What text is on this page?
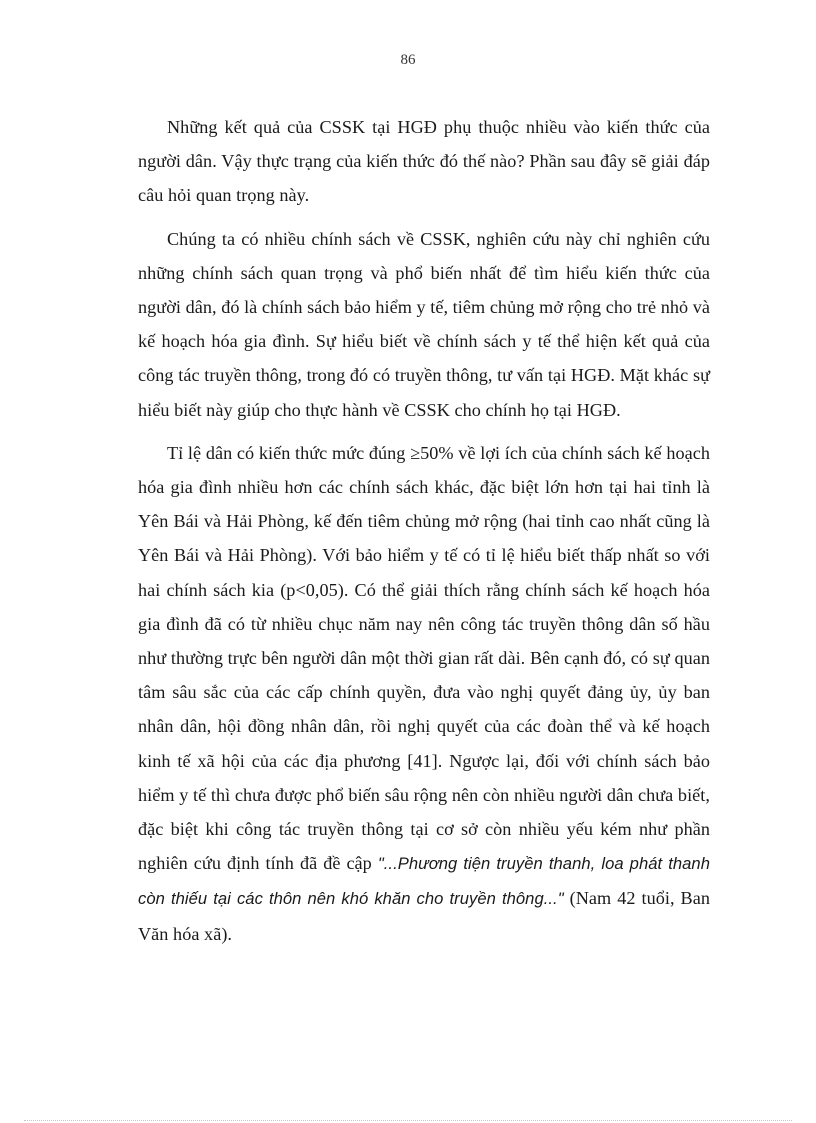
86

Những kết quả của CSSK tại HGĐ phụ thuộc nhiều vào kiến thức của người dân. Vậy thực trạng của kiến thức đó thế nào? Phần sau đây sẽ giải đáp câu hỏi quan trọng này.

Chúng ta có nhiều chính sách về CSSK, nghiên cứu này chỉ nghiên cứu những chính sách quan trọng và phổ biến nhất để tìm hiểu kiến thức của người dân, đó là chính sách bảo hiểm y tế, tiêm chủng mở rộng cho trẻ nhỏ và kế hoạch hóa gia đình. Sự hiểu biết về chính sách y tế thể hiện kết quả của công tác truyền thông, trong đó có truyền thông, tư vấn tại HGĐ. Mặt khác sự hiểu biết này giúp cho thực hành về CSSK cho chính họ tại HGĐ.

Tỉ lệ dân có kiến thức mức đúng ≥50% về lợi ích của chính sách kế hoạch hóa gia đình nhiều hơn các chính sách khác, đặc biệt lớn hơn tại hai tỉnh là Yên Bái và Hải Phòng, kế đến tiêm chủng mở rộng (hai tỉnh cao nhất cũng là Yên Bái và Hải Phòng). Với bảo hiểm y tế có tỉ lệ hiểu biết thấp nhất so với hai chính sách kia (p<0,05). Có thể giải thích rằng chính sách kế hoạch hóa gia đình đã có từ nhiều chục năm nay nên công tác truyền thông dân số hầu như thường trực bên người dân một thời gian rất dài. Bên cạnh đó, có sự quan tâm sâu sắc của các cấp chính quyền, đưa vào nghị quyết đảng ủy, ủy ban nhân dân, hội đồng nhân dân, rồi nghị quyết của các đoàn thể và kế hoạch kinh tế xã hội của các địa phương [41]. Ngược lại, đối với chính sách bảo hiểm y tế thì chưa được phổ biến sâu rộng nên còn nhiều người dân chưa biết, đặc biệt khi công tác truyền thông tại cơ sở còn nhiều yếu kém như phần nghiên cứu định tính đã đề cập "...Phương tiện truyền thanh, loa phát thanh còn thiếu tại các thôn nên khó khăn cho truyền thông..." (Nam 42 tuổi, Ban Văn hóa xã).
